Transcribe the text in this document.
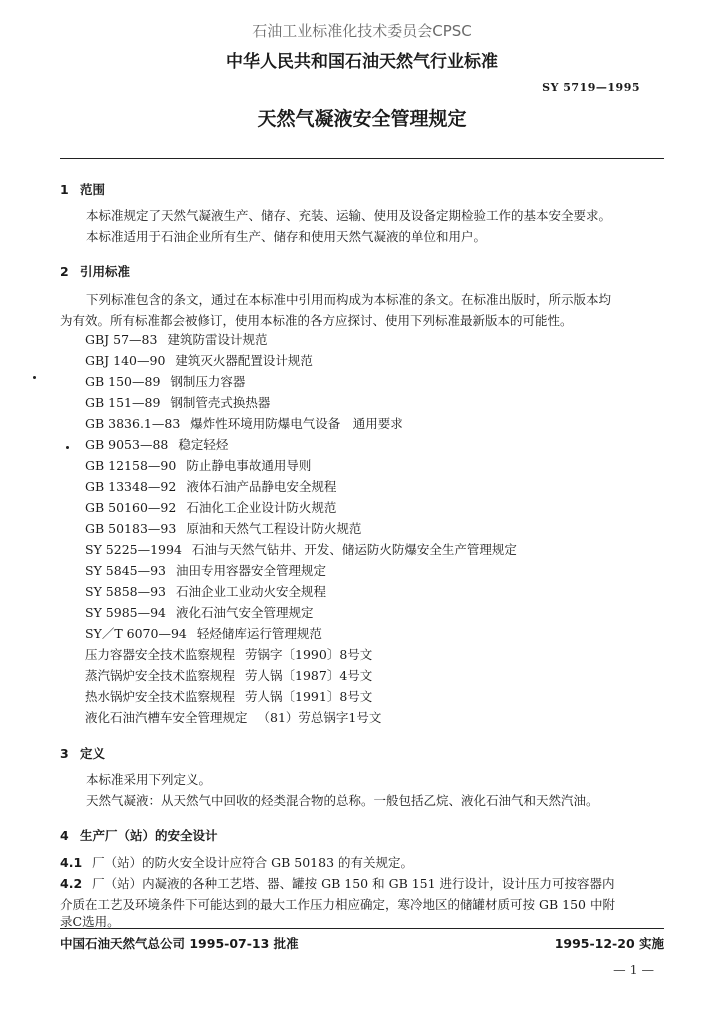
石油工业标准化技术委员会CPSC
中华人民共和国石油天然气行业标准
SY 5719—1995
天然气凝液安全管理规定
1 范围
本标准规定了天然气凝液生产、储存、充装、运输、使用及设备定期检验工作的基本安全要求。
本标准适用于石油企业所有生产、储存和使用天然气凝液的单位和用户。
2 引用标准
下列标准包含的条文，通过在本标准中引用而构成为本标准的条文。在标准出版时，所示版本均
为有效。所有标准都会被修订，使用本标准的各方应探讨、使用下列标准最新版本的可能性。
GBJ 57—83 建筑防雷设计规范
GBJ 140—90 建筑灭火器配置设计规范
GB 150—89 钢制压力容器
GB 151—89 钢制管壳式换热器
GB 3836.1—83 爆炸性环境用防爆电气设备　通用要求
GB 9053—88 稳定轻烃
GB 12158—90 防止静电事故通用导则
GB 13348—92 液体石油产品静电安全规程
GB 50160—92 石油化工企业设计防火规范
GB 50183—93 原油和天然气工程设计防火规范
SY 5225—1994 石油与天然气钻井、开发、储运防火防爆安全生产管理规定
SY 5845—93 油田专用容器安全管理规定
SY 5858—93 石油企业工业动火安全规程
SY 5985—94 液化石油气安全管理规定
SY／T 6070—94 轻烃储库运行管理规范
压力容器安全技术监察规程 劳锅字〔1990〕8号文
蒸汽锅炉安全技术监察规程 劳人锅〔1987〕4号文
热水锅炉安全技术监察规程 劳人锅〔1991〕8号文
液化石油汽槽车安全管理规定 （81）劳总锅字1号文
3 定义
本标准采用下列定义。
天然气凝液：从天然气中回收的烃类混合物的总称。一般包括乙烷、液化石油气和天然汽油。
4 生产厂（站）的安全设计
4.1 厂（站）的防火安全设计应符合 GB 50183 的有关规定。
4.2 厂（站）内凝液的各种工艺塔、器、罐按 GB 150 和 GB 151 进行设计，设计压力可按容器内
介质在工艺及环境条件下可能达到的最大工作压力相应确定，寒冷地区的储罐材质可按 GB 150 中附
录C选用。
中国石油天然气总公司 1995-07-13 批准	1995-12-20 实施
— 1 —
